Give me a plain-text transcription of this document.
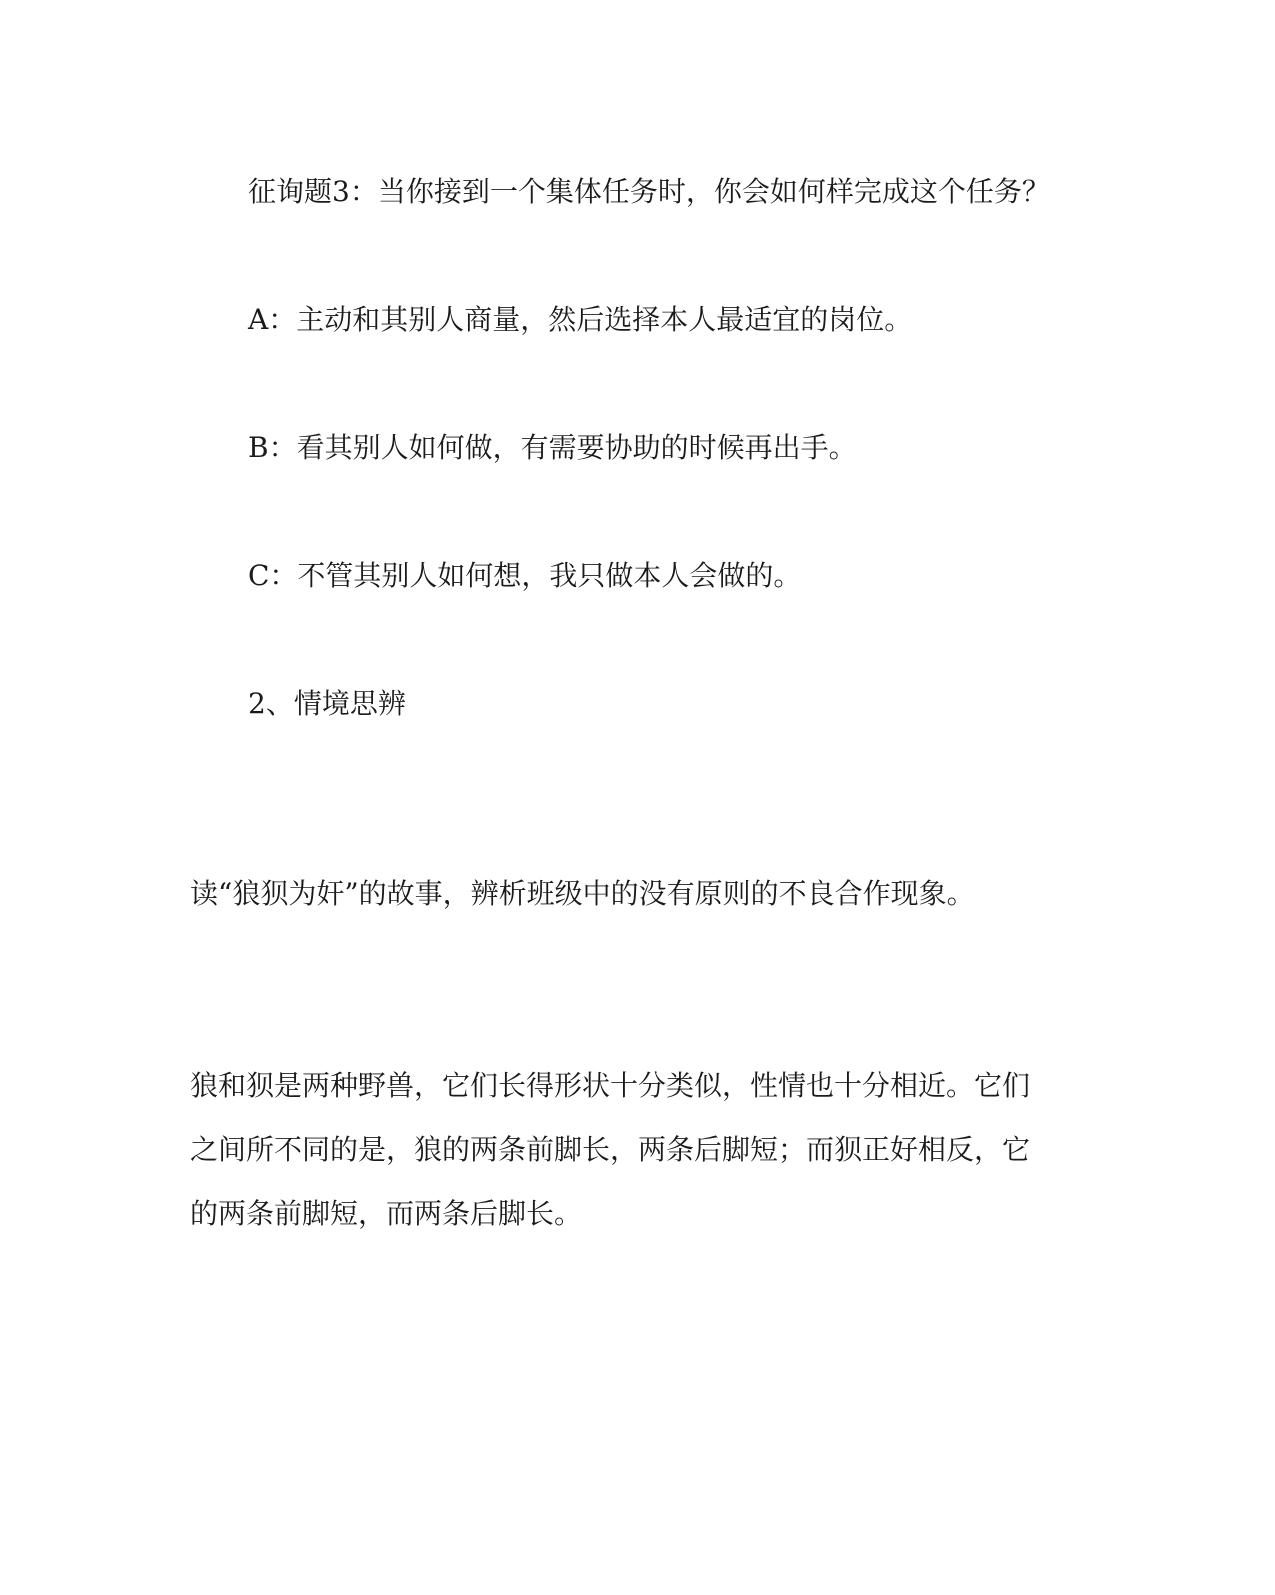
征询题3：当你接到一个集体任务时，你会如何样完成这个任务？
A：主动和其别人商量，然后选择本人最适宜的岗位。
B：看其别人如何做，有需要协助的时候再出手。
C：不管其别人如何想，我只做本人会做的。
2、情境思辨
读“狼狈为奸”的故事，辨析班级中的没有原则的不良合作现象。
狼和狈是两种野兽，它们长得形状十分类似，性情也十分相近。它们
之间所不同的是，狼的两条前脚长，两条后脚短；而狈正好相反，它
的两条前脚短，而两条后脚长。
